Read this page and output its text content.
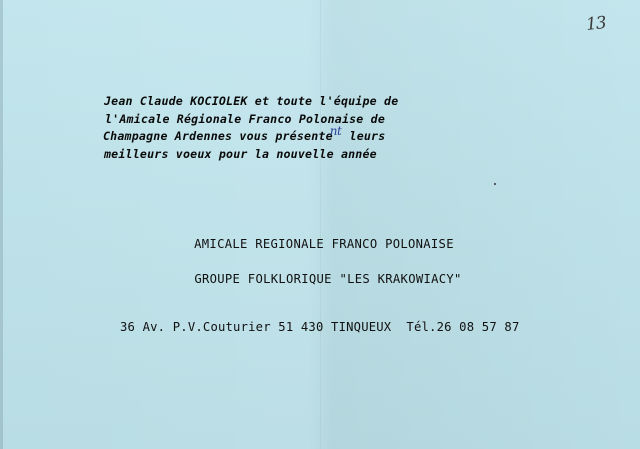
13
Jean Claude KOCIOLEK et toute l'équipe de
l'Amicale Régionale Franco Polonaise de
Champagne Ardennes vous présentent leurs
meilleurs voeux pour la nouvelle année
AMICALE REGIONALE FRANCO POLONAISE
GROUPE FOLKLORIQUE "LES KRAKOWIACY"
36 Av. P.V.Couturier 51 430 TINQUEUX  Tél.26 08 57 87
